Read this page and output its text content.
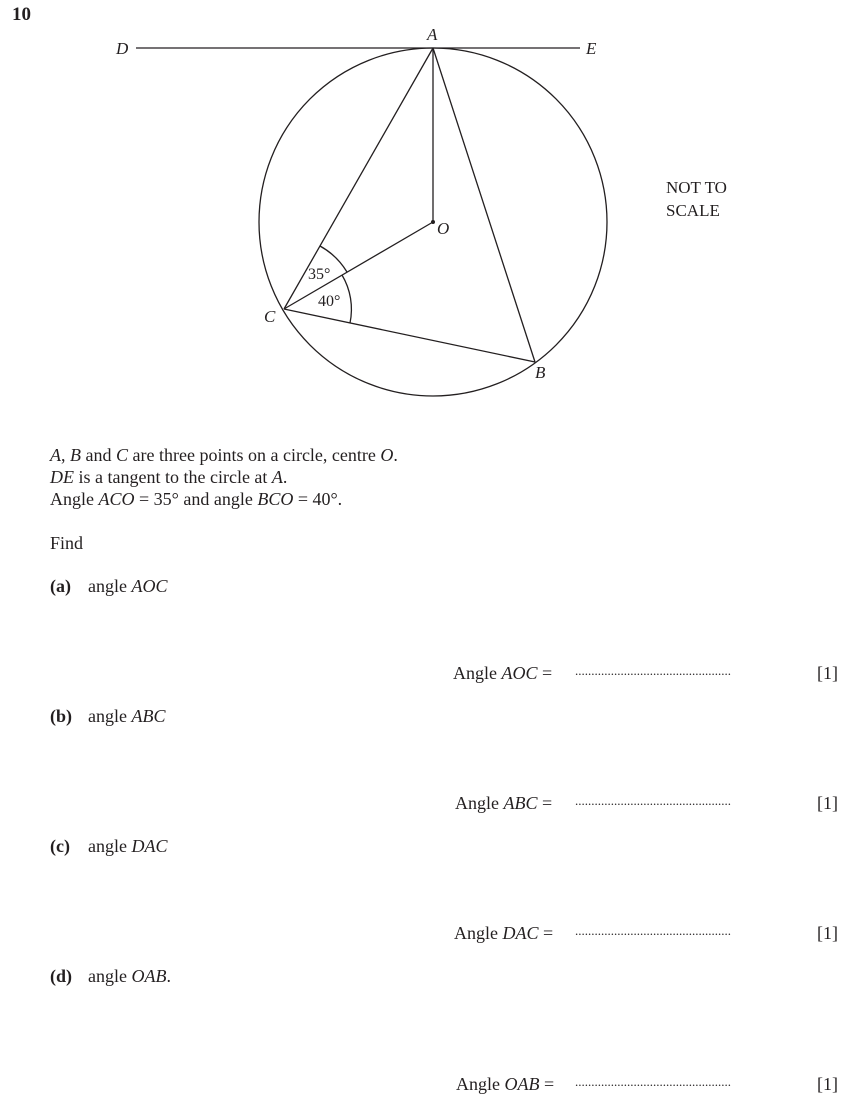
10
A
D	E
O
C
B
35°
40°
NOT TO
SCALE
A, B and C are three points on a circle, centre O.
DE is a tangent to the circle at A.
Angle ACO = 35° and angle BCO = 40°.
Find
(a) angle AOC
Angle AOC = ................................................	[1]
(b) angle ABC
Angle ABC = ................................................	[1]
(c) angle DAC
Angle DAC = ................................................	[1]
(d) angle OAB.
Angle OAB = ................................................	[1]
